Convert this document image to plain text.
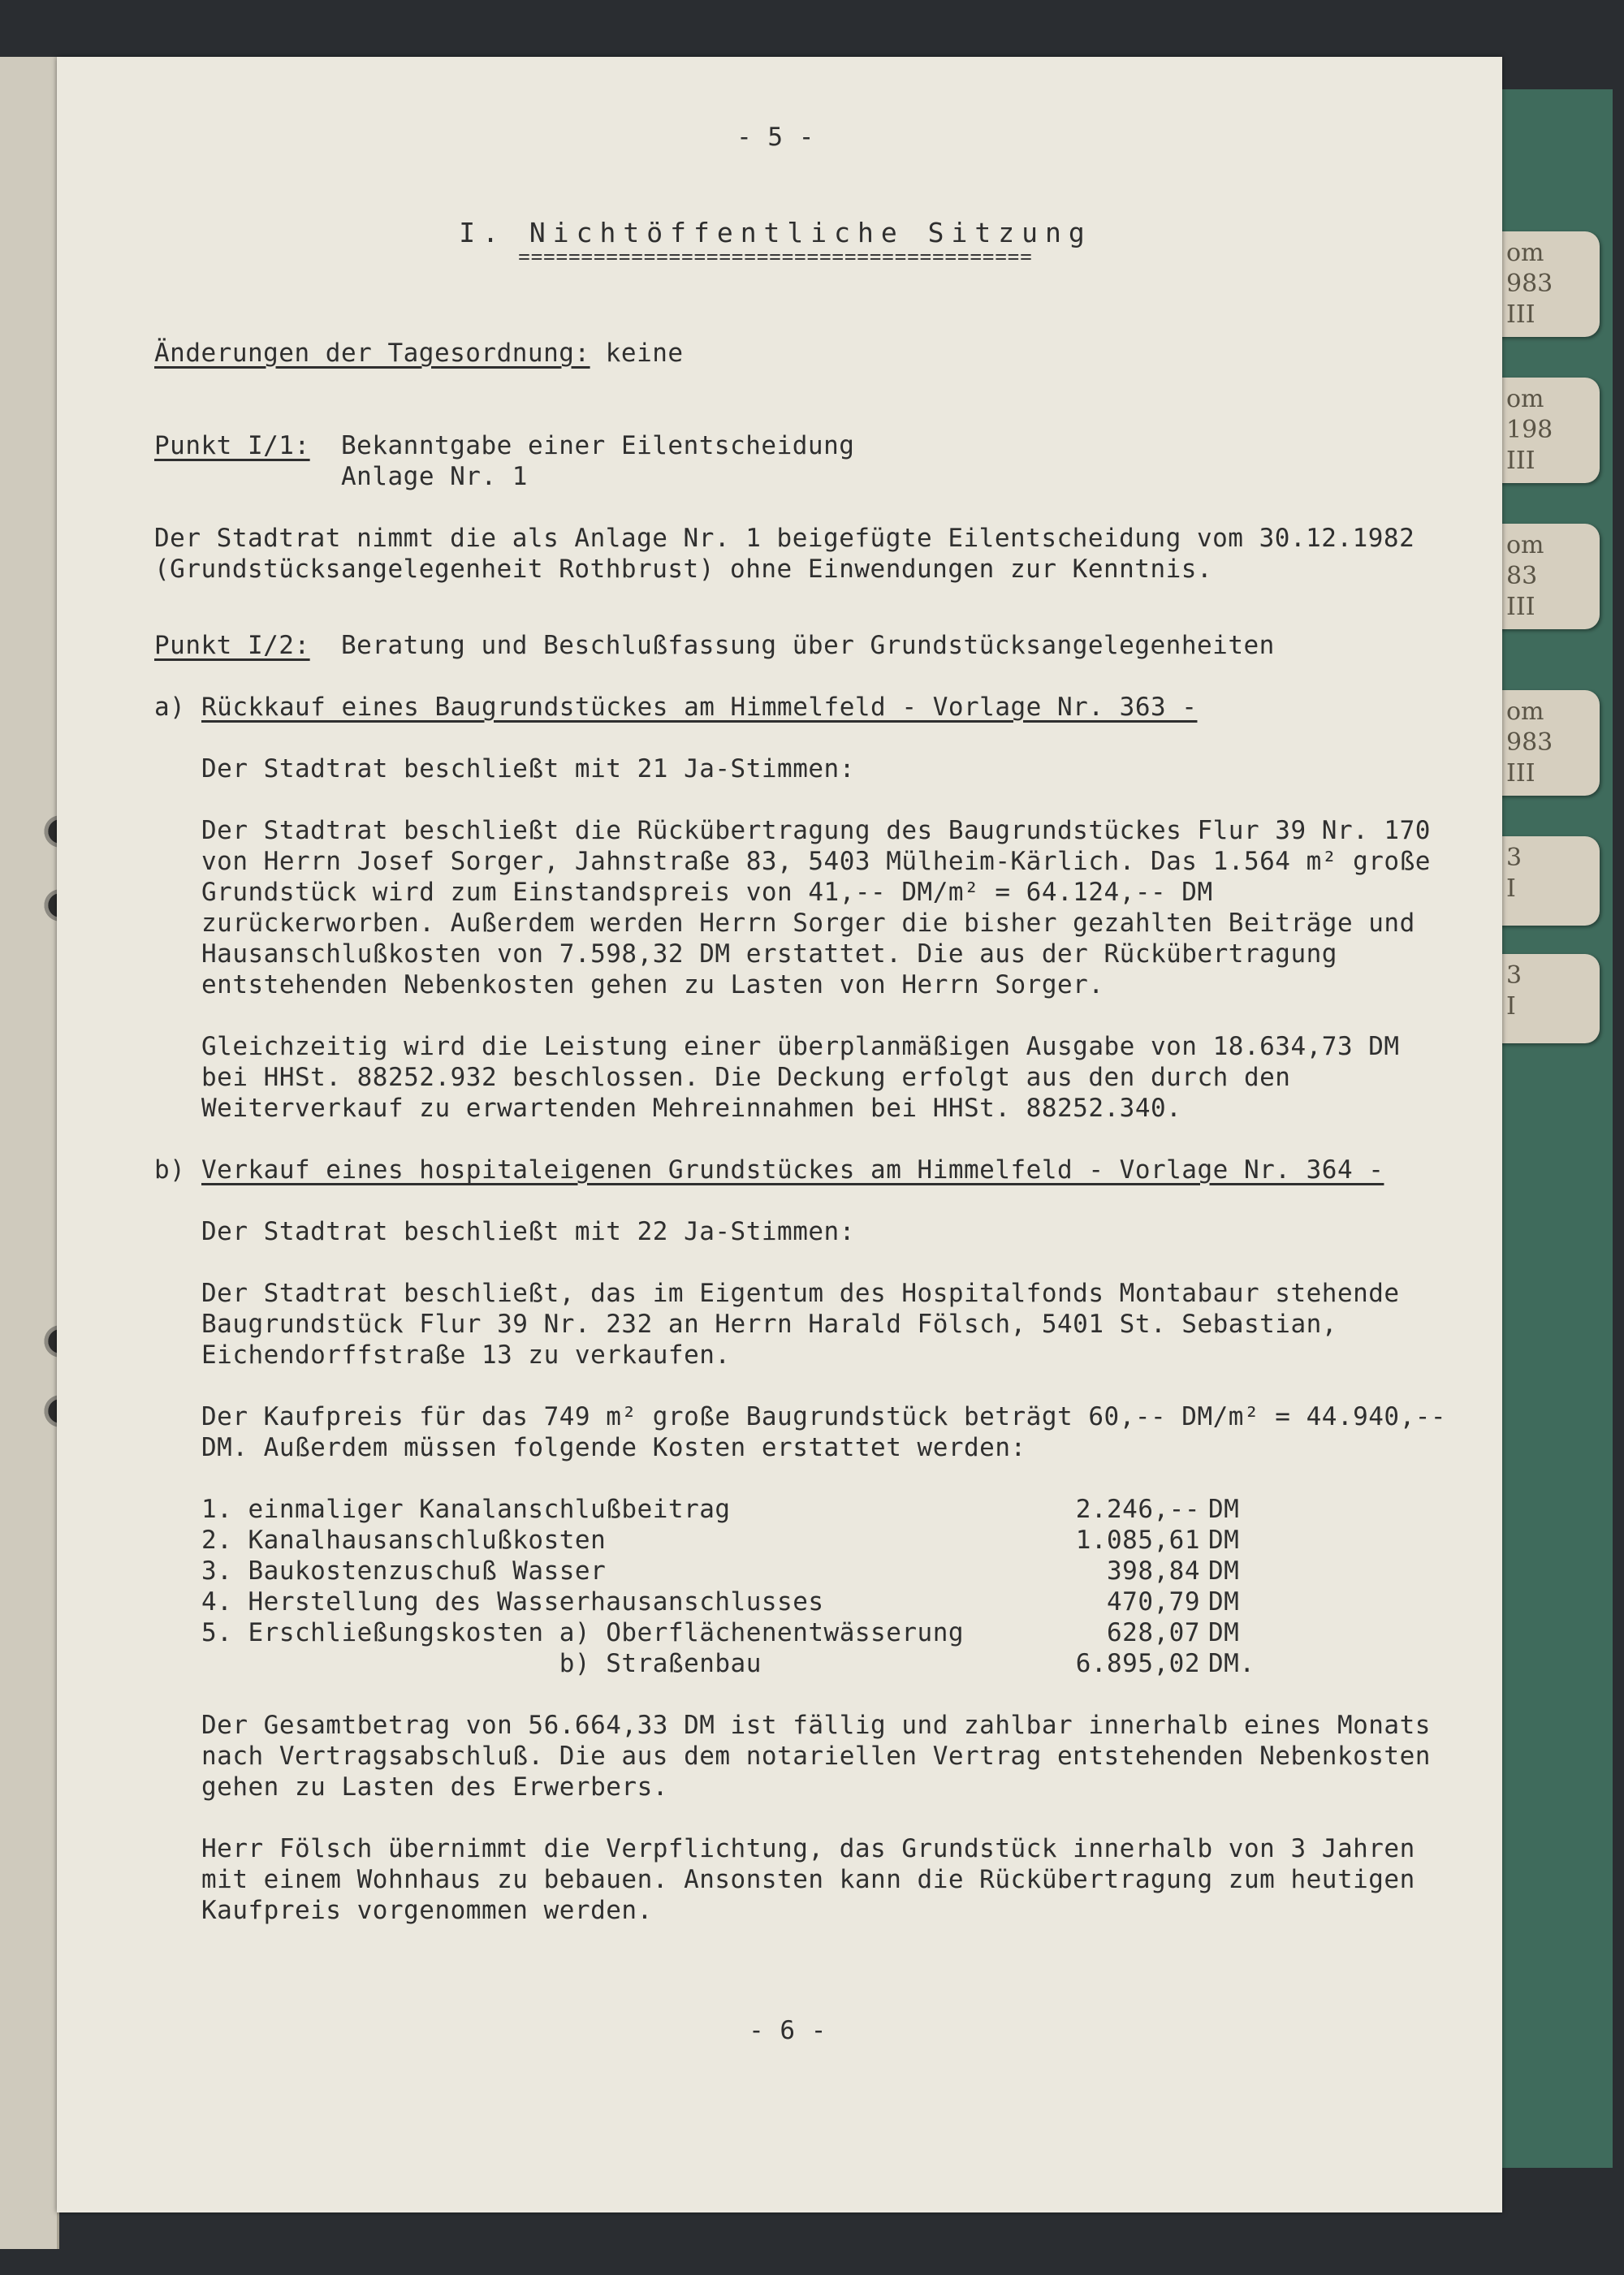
om
983
III
om
198
III
om
83
III
om
983
III
3
I
3
I
- 5 -
I. Nichtöffentliche Sitzung
=========================================
Änderungen der Tagesordnung: keine
Punkt I/1:	Bekanntgabe einer Eilentscheidung
Anlage Nr. 1

Der Stadtrat nimmt die als Anlage Nr. 1 beigefügte Eilentscheidung vom 30.12.1982 (Grundstücksangelegenheit Rothbrust) ohne Einwendungen zur Kenntnis.

Punkt I/2:	Beratung und Beschlußfassung über Grundstücksangelegenheiten
a) Rückkauf eines Baugrundstückes am Himmelfeld - Vorlage Nr. 363 -

Der Stadtrat beschließt mit 21 Ja-Stimmen:

Der Stadtrat beschließt die Rückübertragung des Baugrundstückes Flur 39 Nr. 170 von Herrn Josef Sorger, Jahnstraße 83, 5403 Mülheim-Kärlich. Das 1.564 m² große Grundstück wird zum Einstandspreis von 41,-- DM/m² = 64.124,-- DM zurückerworben. Außerdem werden Herrn Sorger die bisher gezahlten Beiträge und Hausanschlußkosten von 7.598,32 DM erstattet. Die aus der Rückübertragung entstehenden Nebenkosten gehen zu Lasten von Herrn Sorger.

Gleichzeitig wird die Leistung einer überplanmäßigen Ausgabe von 18.634,73 DM bei HHSt. 88252.932 beschlossen. Die Deckung erfolgt aus den durch den Weiterverkauf zu erwartenden Mehreinnahmen bei HHSt. 88252.340.

b) Verkauf eines hospitaleigenen Grundstückes am Himmelfeld - Vorlage Nr. 364 -

Der Stadtrat beschließt mit 22 Ja-Stimmen:

Der Stadtrat beschließt, das im Eigentum des Hospitalfonds Montabaur stehende Baugrundstück Flur 39 Nr. 232 an Herrn Harald Fölsch, 5401 St. Sebastian, Eichendorffstraße 13 zu verkaufen.

Der Kaufpreis für das 749 m² große Baugrundstück beträgt 60,-- DM/m² = 44.940,-- DM. Außerdem müssen folgende Kosten erstattet werden:

1. einmaliger Kanalanschlußbeitrag	2.246,-- DM
2. Kanalhausanschlußkosten	1.085,61 DM
3. Baukostenzuschuß Wasser	398,84 DM
4. Herstellung des Wasserhausanschlusses	470,79 DM
5. Erschließungskosten a) Oberflächenentwässerung	628,07 DM
b) Straßenbau	6.895,02 DM.

Der Gesamtbetrag von 56.664,33 DM ist fällig und zahlbar innerhalb eines Monats nach Vertragsabschluß. Die aus dem notariellen Vertrag entstehenden Nebenkosten gehen zu Lasten des Erwerbers.

Herr Fölsch übernimmt die Verpflichtung, das Grundstück innerhalb von 3 Jahren mit einem Wohnhaus zu bebauen. Ansonsten kann die Rückübertragung zum heutigen Kaufpreis vorgenommen werden.

- 6 -
